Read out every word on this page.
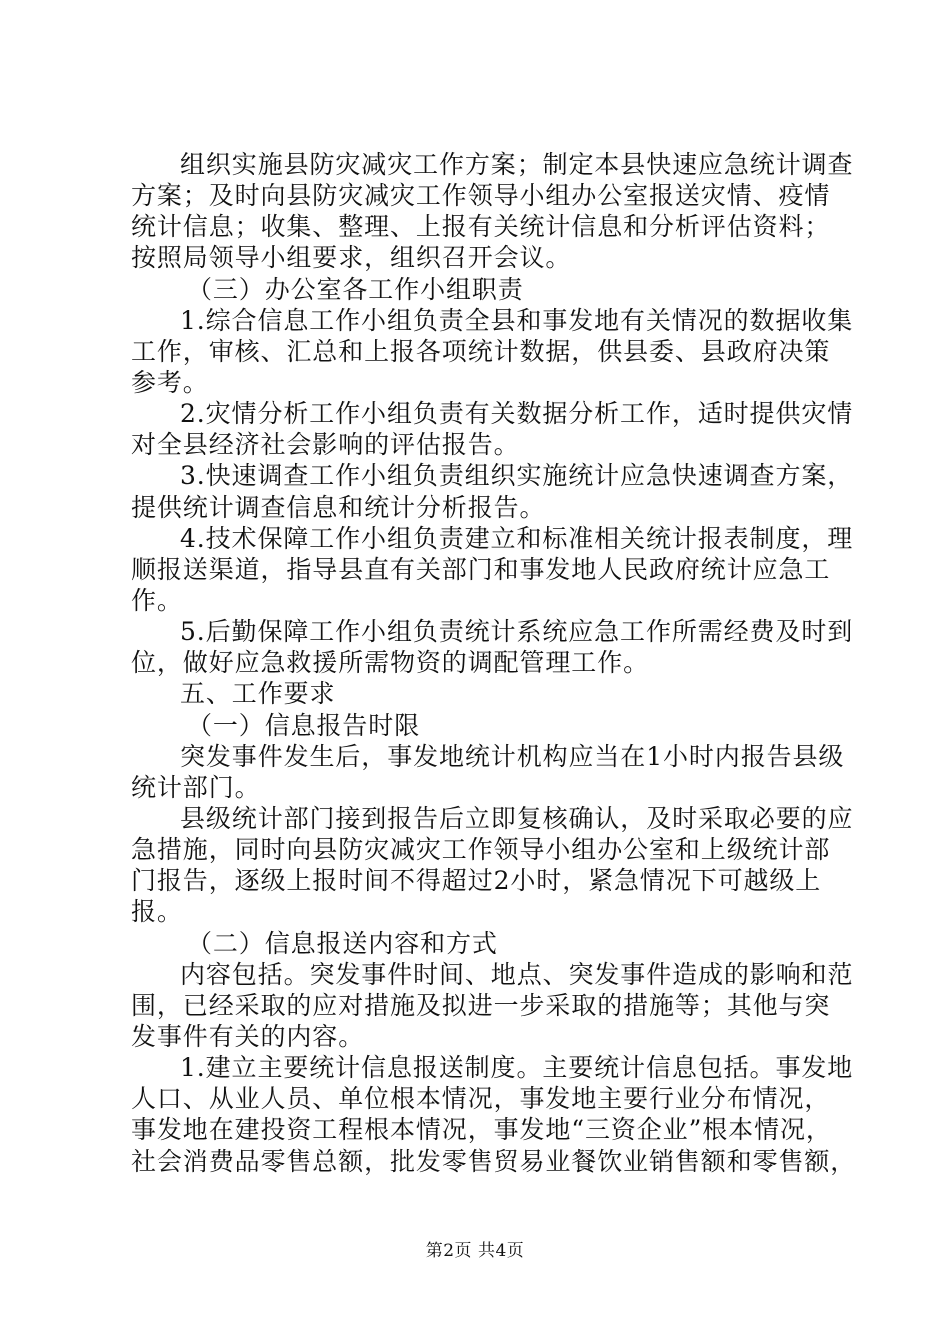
组织实施县防灾减灾工作方案；制定本县快速应急统计调查
方案；及时向县防灾减灾工作领导小组办公室报送灾情、疫情
统计信息；收集、整理、上报有关统计信息和分析评估资料；
按照局领导小组要求，组织召开会议。
（三）办公室各工作小组职责
1.综合信息工作小组负责全县和事发地有关情况的数据收集
工作，审核、汇总和上报各项统计数据，供县委、县政府决策
参考。
2.灾情分析工作小组负责有关数据分析工作，适时提供灾情
对全县经济社会影响的评估报告。
3.快速调查工作小组负责组织实施统计应急快速调查方案，
提供统计调查信息和统计分析报告。
4.技术保障工作小组负责建立和标准相关统计报表制度，理
顺报送渠道，指导县直有关部门和事发地人民政府统计应急工
作。
5.后勤保障工作小组负责统计系统应急工作所需经费及时到
位，做好应急救援所需物资的调配管理工作。
五、工作要求
（一）信息报告时限
突发事件发生后，事发地统计机构应当在1小时内报告县级
统计部门。
县级统计部门接到报告后立即复核确认，及时采取必要的应
急措施，同时向县防灾减灾工作领导小组办公室和上级统计部
门报告，逐级上报时间不得超过2小时，紧急情况下可越级上
报。
（二）信息报送内容和方式
内容包括。突发事件时间、地点、突发事件造成的影响和范
围，已经采取的应对措施及拟进一步采取的措施等；其他与突
发事件有关的内容。
1.建立主要统计信息报送制度。主要统计信息包括。事发地
人口、从业人员、单位根本情况，事发地主要行业分布情况，
事发地在建投资工程根本情况，事发地“三资企业”根本情况，
社会消费品零售总额，批发零售贸易业餐饮业销售额和零售额，
第2页 共4页
